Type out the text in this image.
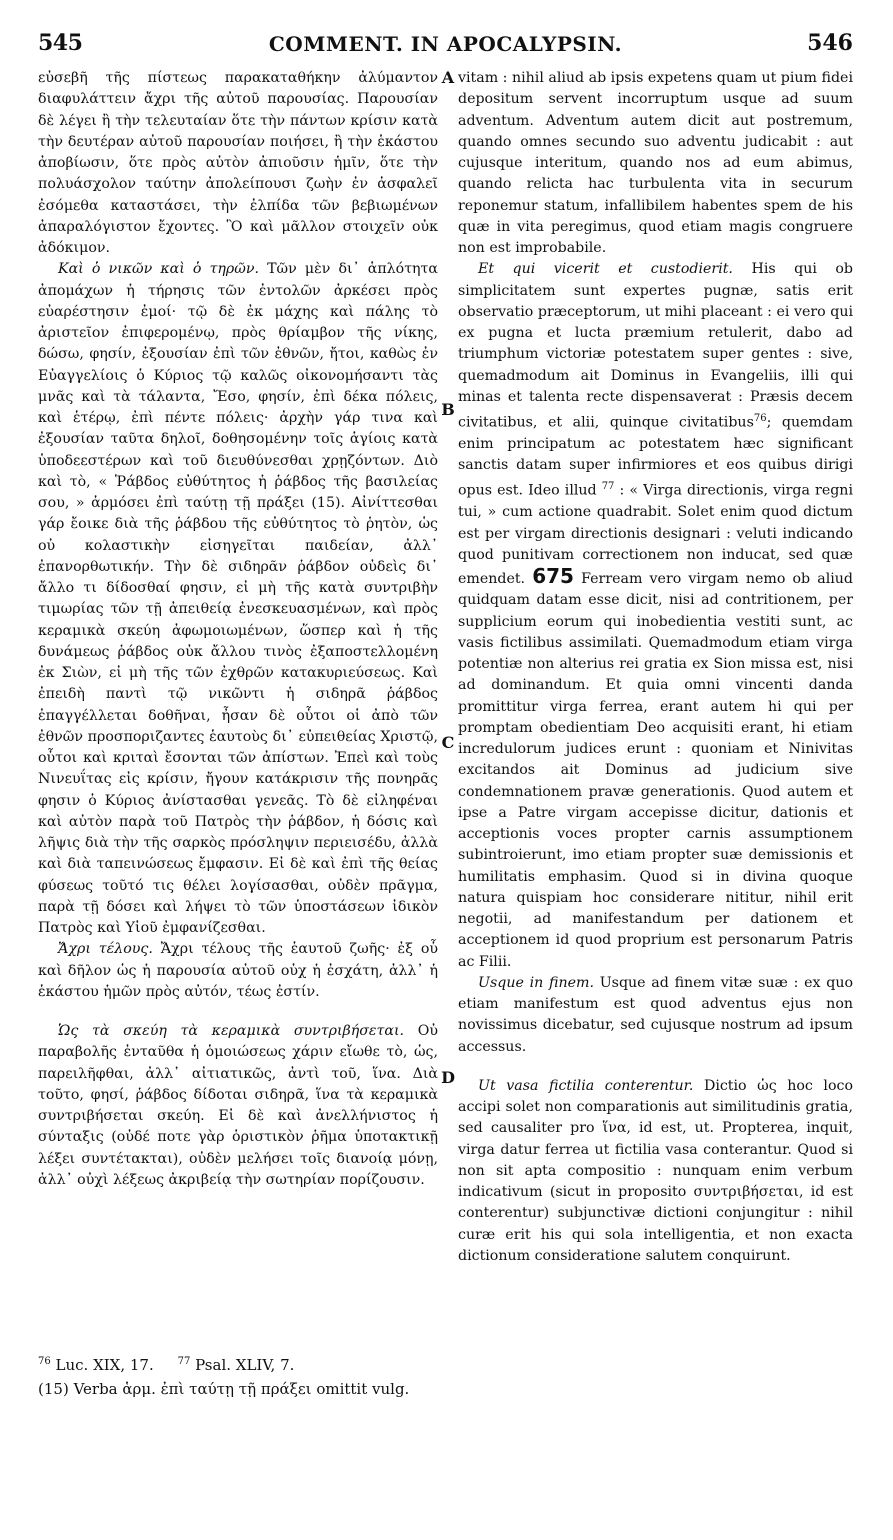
545	COMMENT. IN APOCALYPSIN.	546
A
B
C
D

εὐσεβῆ τῆς πίστεως παρακαταθήκην ἀλύμαντον διαφυλάττειν ἄχρι τῆς αὐτοῦ παρουσίας. Παρουσίαν δὲ λέγει ἢ τὴν τελευταίαν ὅτε τὴν πάντων κρίσιν κατὰ τὴν δευτέραν αὐτοῦ παρουσίαν ποιήσει, ἢ τὴν ἑκάστου ἀποβίωσιν, ὅτε πρὸς αὐτὸν ἀπιοῦσιν ἡμῖν, ὅτε τὴν πολυάσχολον ταύτην ἀπολείπουσι ζωὴν ἐν ἀσφαλεῖ ἐσόμεθα καταστάσει, τὴν ἐλπίδα τῶν βεβιωμένων ἀπαραλόγιστον ἔχοντες. Ὃ καὶ μᾶλλον στοιχεῖν οὐκ ἀδόκιμον.

Καὶ ὁ νικῶν καὶ ὁ τηρῶν. Τῶν μὲν δι᾽ ἁπλότητα ἀπομάχων ἡ τήρησις τῶν ἐντολῶν ἀρκέσει πρὸς εὐαρέστησιν ἐμοί· τῷ δὲ ἐκ μάχης καὶ πάλης τὸ ἀριστεῖον ἐπιφερομένῳ, πρὸς θρίαμβον τῆς νίκης, δώσω, φησίν, ἐξουσίαν ἐπὶ τῶν ἐθνῶν, ἤτοι, καθὼς ἐν Εὐαγγελίοις ὁ Κύριος τῷ καλῶς οἰκονομήσαντι τὰς μνᾶς καὶ τὰ τάλαντα, Ἔσο, φησίν, ἐπὶ δέκα πόλεις, καὶ ἑτέρῳ, ἐπὶ πέντε πόλεις· ἀρχὴν γάρ τινα καὶ ἐξουσίαν ταῦτα δηλοῖ, δοθησομένην τοῖς ἁγίοις κατὰ ὑποδεεστέρων καὶ τοῦ διευθύνεσθαι χρῃζόντων. Διὸ καὶ τὸ, « Ῥάβδος εὐθύτητος ἡ ῥάβδος τῆς βασιλείας σου, » ἁρμόσει ἐπὶ ταύτῃ τῇ πράξει (15). Αἰνίττεσθαι γάρ ἔοικε διὰ τῆς ῥάβδου τῆς εὐθύτητος τὸ ῥητὸν, ὡς οὐ κολαστικὴν εἰσηγεῖται παιδείαν, ἀλλ᾽ ἐπανορθωτικήν. Τὴν δὲ σιδηρᾶν ῥάβδον οὐδεὶς δι᾽ ἄλλο τι δίδοσθαί φησιν, εἰ μὴ τῆς κατὰ συντριβὴν τιμωρίας τῶν τῇ ἀπειθείᾳ ἐνεσκευασμένων, καὶ πρὸς κεραμικὰ σκεύη ἀφωμοιωμένων, ὥσπερ καὶ ἡ τῆς δυνάμεως ῥάβδος οὐκ ἄλλου τινὸς ἐξαποστελλομένη ἐκ Σιὼν, εἰ μὴ τῆς τῶν ἐχθρῶν κατακυριεύσεως. Καὶ ἐπειδὴ παντὶ τῷ νικῶντι ἡ σιδηρᾶ ῥάβδος ἐπαγγέλλεται δοθῆναι, ἦσαν δὲ οὗτοι οἱ ἀπὸ τῶν ἐθνῶν προσποριζαντες ἑαυτοὺς δι᾽ εὐπειθείας Χριστῷ, οὗτοι καὶ κριταὶ ἔσονται τῶν ἀπίστων. Ἐπεὶ καὶ τοὺς Νινευΐτας εἰς κρίσιν, ἤγουν κατάκρισιν τῆς πονηρᾶς φησιν ὁ Κύριος ἀνίστασθαι γενεᾶς. Τὸ δὲ εἰληφέναι καὶ αὐτὸν παρὰ τοῦ Πατρὸς τὴν ῥάβδον, ἡ δόσις καὶ λῆψις διὰ τὴν τῆς σαρκὸς πρόσληψιν περιεισέδυ, ἀλλὰ καὶ διὰ ταπεινώσεως ἔμφασιν. Εἰ δὲ καὶ ἐπὶ τῆς θείας φύσεως τοῦτό τις θέλει λογίσασθαι, οὐδὲν πρᾶγμα, παρὰ τῇ δόσει καὶ λήψει τὸ τῶν ὑποστάσεων ἰδικὸν Πατρὸς καὶ Υἱοῦ ἐμφανίζεσθαι.

Ἄχρι τέλους. Ἄχρι τέλους τῆς ἑαυτοῦ ζωῆς· ἐξ οὗ καὶ δῆλον ὡς ἡ παρουσία αὐτοῦ οὐχ ἡ ἐσχάτη, ἀλλ᾽ ἡ ἑκάστου ἡμῶν πρὸς αὐτόν, τέως ἐστίν.

Ὡς τὰ σκεύη τὰ κεραμικὰ συντριβήσεται. Οὐ παραβολῆς ἐνταῦθα ἡ ὁμοιώσεως χάριν εἴωθε τὸ, ὡς, παρειλῆφθαι, ἀλλ᾽ αἰτιατικῶς, ἀντὶ τοῦ, ἵνα. Διὰ τοῦτο, φησί, ῥάβδος δίδοται σιδηρᾶ, ἵνα τὰ κεραμικὰ συντριβήσεται σκεύη. Εἰ δὲ καὶ ἀνελλήνιστος ἡ σύνταξις (οὐδέ ποτε γὰρ ὁριστικὸν ῥῆμα ὑποτακτικῇ λέξει συντέτακται), οὐδὲν μελήσει τοῖς διανοίᾳ μόνῃ, ἀλλ᾽ οὐχὶ λέξεως ἀκριβείᾳ τὴν σωτηρίαν πορίζουσιν.

vitam : nihil aliud ab ipsis expetens quam ut pium fidei depositum servent incorruptum usque ad suum adventum. Adventum autem dicit aut postremum, quando omnes secundo suo adventu judicabit : aut cujusque interitum, quando nos ad eum abimus, quando relicta hac turbulenta vita in securum reponemur statum, infallibilem habentes spem de his quæ in vita peregimus, quod etiam magis congruere non est improbabile.

Et qui vicerit et custodierit. His qui ob simplicitatem sunt expertes pugnæ, satis erit observatio præceptorum, ut mihi placeant : ei vero qui ex pugna et lucta præmium retulerit, dabo ad triumphum victoriæ potestatem super gentes : sive, quemadmodum ait Dominus in Evangeliis, illi qui minas et talenta recte dispensaverat : Præsis decem civitatibus, et alii, quinque civitatibus$^{76}$; quemdam enim principatum ac potestatem hæc significant sanctis datam super infirmiores et eos quibus dirigi opus est. Ideo illud $^{77}$ : « Virga directionis, virga regni tui, » cum actione quadrabit. Solet enim quod dictum est per virgam directionis designari : veluti indicando quod punitivam correctionem non inducat, sed quæ emendet. 675 Ferream vero virgam nemo ob aliud quidquam datam esse dicit, nisi ad contritionem, per supplicium eorum qui inobedientia vestiti sunt, ac vasis fictilibus assimilati. Quemadmodum etiam virga potentiæ non alterius rei gratia ex Sion missa est, nisi ad dominandum. Et quia omni vincenti danda promittitur virga ferrea, erant autem hi qui per promptam obedientiam Deo acquisiti erant, hi etiam incredulorum judices erunt : quoniam et Ninivitas excitandos ait Dominus ad judicium sive condemnationem pravæ generationis. Quod autem et ipse a Patre virgam accepisse dicitur, dationis et acceptionis voces propter carnis assumptionem subintroierunt, imo etiam propter suæ demissionis et humilitatis emphasim. Quod si in divina quoque natura quispiam hoc considerare nititur, nihil erit negotii, ad manifestandum per dationem et acceptionem id quod proprium est personarum Patris ac Filii.

Usque in finem. Usque ad finem vitæ suæ : ex quo etiam manifestum est quod adventus ejus non novissimus dicebatur, sed cujusque nostrum ad ipsum accessus.

Ut vasa fictilia conterentur. Dictio ὡς hoc loco accipi solet non comparationis aut similitudinis gratia, sed causaliter pro ἵνα, id est, ut. Propterea, inquit, virga datur ferrea ut fictilia vasa conterantur. Quod si non sit apta compositio : nunquam enim verbum indicativum (sicut in proposito συντριβήσεται, id est conterentur) subjunctivæ dictioni conjungitur : nihil curæ erit his qui sola intelligentia, et non exacta dictionum consideratione salutem conquirunt.

$^{76}$ Luc. XIX, 17. $^{77}$ Psal. XLIV, 7.

(15) Verba ἁρμ. ἐπὶ ταύτῃ τῇ πράξει omittit vulg.
